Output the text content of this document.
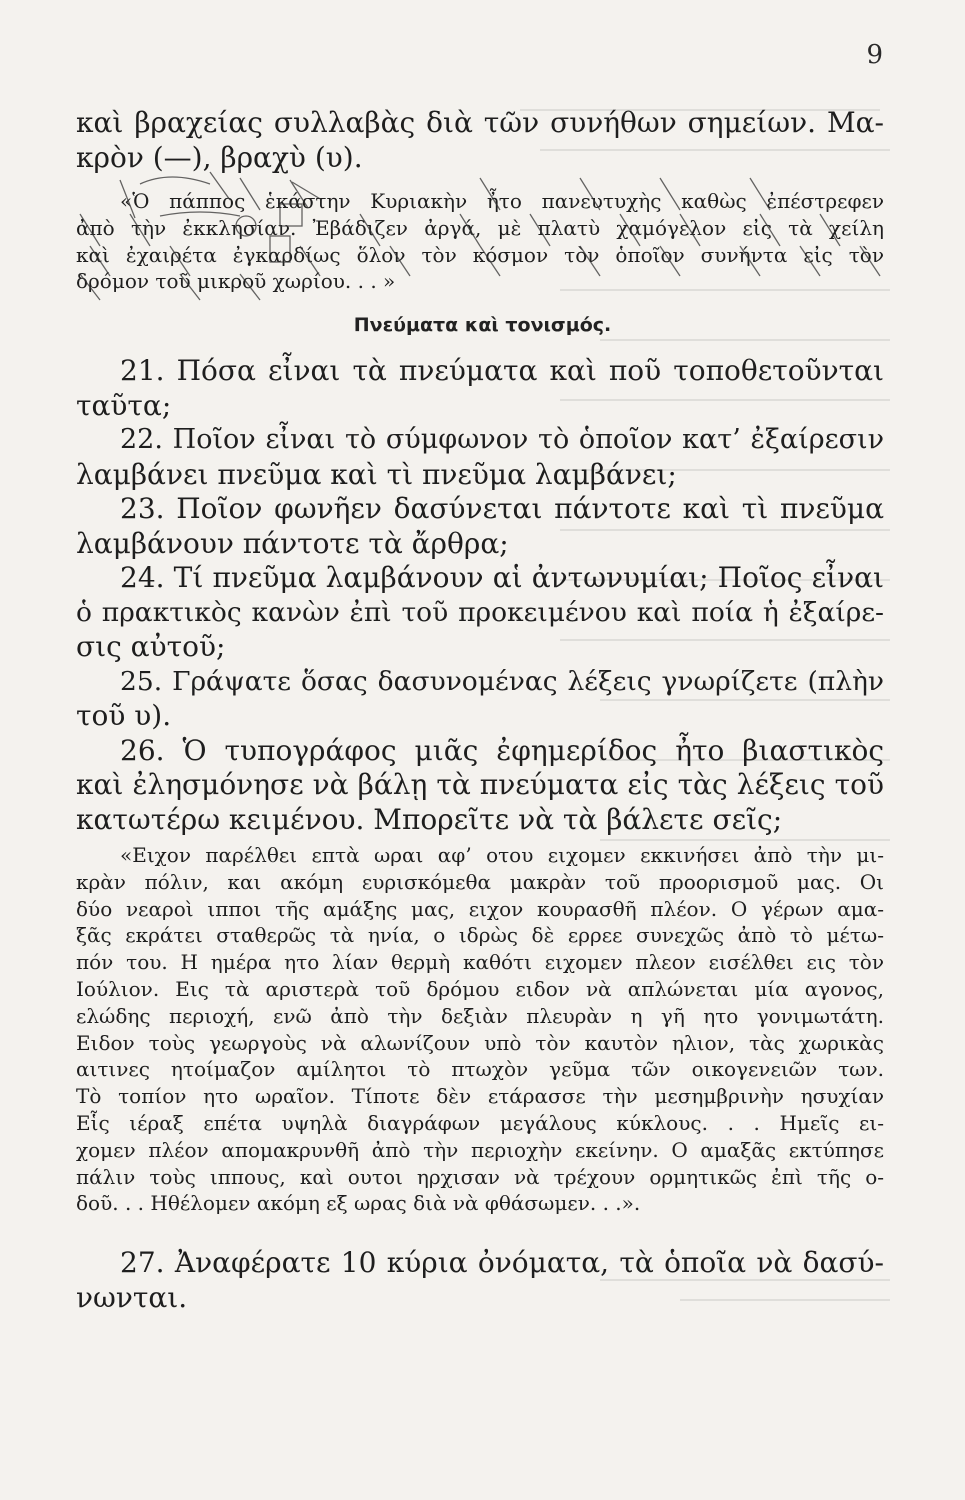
9
καὶ βραχείας συλλαβὰς διὰ τῶν συνήθων σημείων. Μα-
κρὸν (—), βραχὺ (υ).
«Ὁ πάππος ἑκάστην Κυριακὴν ἦτο πανευτυχὴς καθὼς ἐπέστρεφεν
ἀπὸ τὴν ἐκκλησίαν. Ἐβάδιζεν ἀργά, μὲ πλατὺ χαμόγελον εἰς τὰ χείλη
καὶ ἐχαιρέτα ἐγκαρδίως ὅλον τὸν κόσμον τὸν ὁποῖον συνήντα εἰς τὸν
δρόμον τοῦ μικροῦ χωρίου. . . »
Πνεύματα καὶ τονισμός.
21. Πόσα εἶναι τὰ πνεύματα καὶ ποῦ τοποθετοῦνται
ταῦτα;
22. Ποῖον εἶναι τὸ σύμφωνον τὸ ὁποῖον κατ’ ἐξαίρεσιν
λαμβάνει πνεῦμα καὶ τὶ πνεῦμα λαμβάνει;
23. Ποῖον φωνῆεν δασύνεται πάντοτε καὶ τὶ πνεῦμα
λαμβάνουν πάντοτε τὰ ἄρθρα;
24. Τί πνεῦμα λαμβάνουν αἱ ἀντωνυμίαι; Ποῖος εἶναι
ὁ πρακτικὸς κανὼν ἐπὶ τοῦ προκειμένου καὶ ποία ἡ ἐξαίρε-
σις αὐτοῦ;
25. Γράψατε ὅσας δασυνομένας λέξεις γνωρίζετε (πλὴν
τοῦ υ).
26. Ὁ τυπογράφος μιᾶς ἐφημερίδος ἦτο βιαστικὸς
καὶ ἐλησμόνησε νὰ βάλῃ τὰ πνεύματα εἰς τὰς λέξεις τοῦ
κατωτέρω κειμένου. Μπορεῖτε νὰ τὰ βάλετε σεῖς;
«Ειχον παρέλθει επτὰ ωραι αφ’ οτου ειχομεν εκκινήσει ἀπὸ τὴν μι-
κρὰν πόλιν, και ακόμη ευρισκόμεθα μακρὰν τοῦ προορισμοῦ μας. Οι
δύο νεαροὶ ιπποι τῆς αμάξης μας, ειχον κουρασθῆ πλέον. Ο γέρων αμα-
ξᾶς εκράτει σταθερῶς τὰ ηνία, ο ιδρὼς δὲ ερρεε συνεχῶς ἀπὸ τὸ μέτω-
πόν του. Η ημέρα ητο λίαν θερμὴ καθότι ειχομεν πλεον εισέλθει εις τὸν
Ιούλιον. Εις τὰ αριστερὰ τοῦ δρόμου ειδον νὰ απλώνεται μία αγονος,
ελώδης περιοχή, ενῶ ἀπὸ τὴν δεξιὰν πλευρὰν η γῆ ητο γονιμωτάτη.
Ειδον τοὺς γεωργοὺς νὰ αλωνίζουν υπὸ τὸν καυτὸν ηλιον, τὰς χωρικὰς
αιτινες ητοίμαζον αμίλητοι τὸ πτωχὸν γεῦμα τῶν οικογενειῶν των.
Τὸ τοπίον ητο ωραῖον. Τίποτε δὲν ετάρασσε τὴν μεσημβρινὴν ησυχίαν
Εἷς ιέραξ επέτα υψηλὰ διαγράφων μεγάλους κύκλους. . . Ημεῖς ει-
χομεν πλέον απομακρυνθῆ ἀπὸ τὴν περιοχὴν εκείνην. Ο αμαξᾶς εκτύπησε
πάλιν τοὺς ιππους, καὶ ουτοι ηρχισαν νὰ τρέχουν ορμητικῶς ἐπὶ τῆς ο-
δοῦ. . . Ηθέλομεν ακόμη εξ ωρας διὰ νὰ φθάσωμεν. . .».
27. Ἀναφέρατε 10 κύρια ὀνόματα, τὰ ὁποῖα νὰ δασύ-
νωνται.
